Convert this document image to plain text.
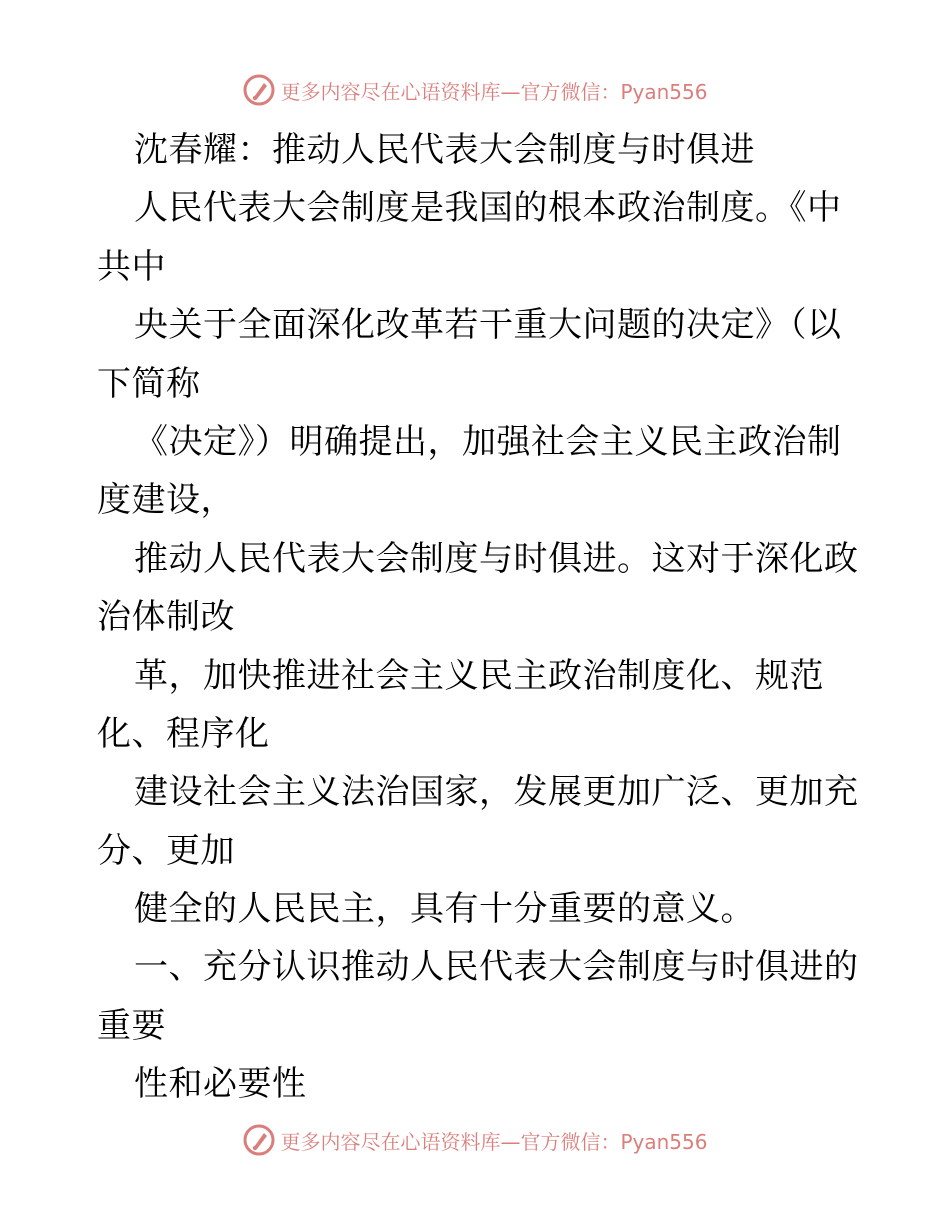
更多内容尽在心语资料库—官方微信：Pyan556
沈春耀：推动人民代表大会制度与时俱进
人民代表大会制度是我国的根本政治制度。《中
共中
央关于全面深化改革若干重大问题的决定》（以
下简称
《决定》）明确提出，加强社会主义民主政治制
度建设，
推动人民代表大会制度与时俱进。这对于深化政
治体制改
革，加快推进社会主义民主政治制度化、规范
化、程序化
建设社会主义法治国家，发展更加广泛、更加充
分、更加
健全的人民民主，具有十分重要的意义。
一、充分认识推动人民代表大会制度与时俱进的
重要
性和必要性
更多内容尽在心语资料库—官方微信：Pyan556
